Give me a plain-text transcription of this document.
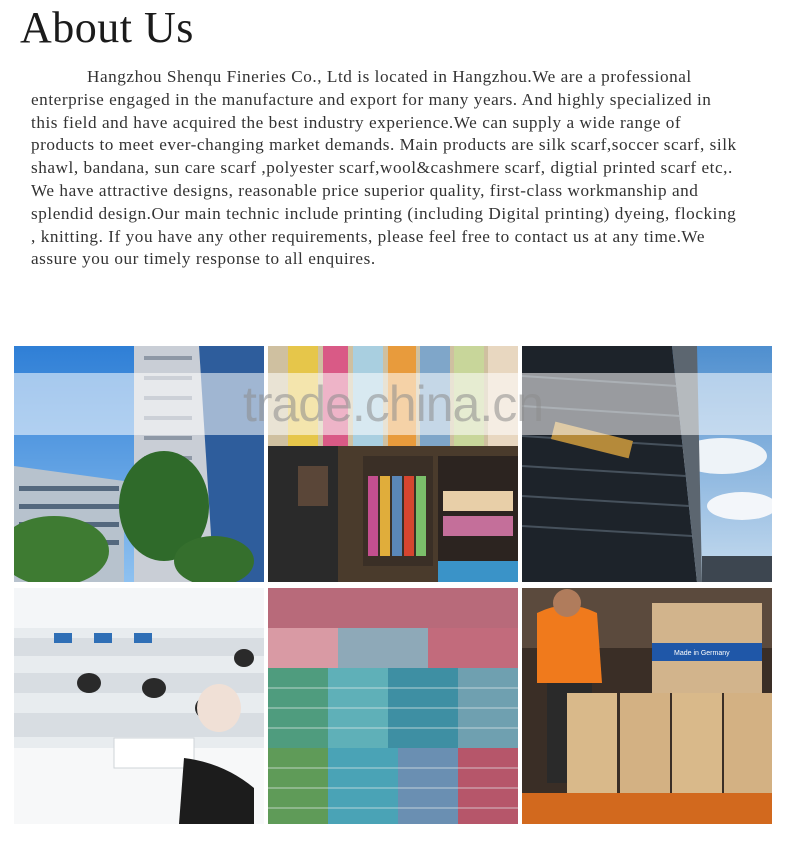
About Us

Hangzhou Shenqu Fineries Co., Ltd is located in Hangzhou.We are a professional enterprise engaged in the manufacture and export for many years. And highly specialized in this field and have acquired the best industry experience.We can supply a wide range of products to meet ever-changing market demands. Main products are silk scarf,soccer scarf, silk shawl, bandana, sun care scarf ,polyester scarf,wool&cashmere scarf, digtial printed scarf etc,. We have attractive designs, reasonable price superior quality, first-class workmanship and splendid design.Our main technic include printing (including Digital printing) dyeing, flocking , knitting. If you have any other requirements, please feel free to contact us at any time.We assure you our timely response to all enquires.

Made in Germany
trade.china.cn
